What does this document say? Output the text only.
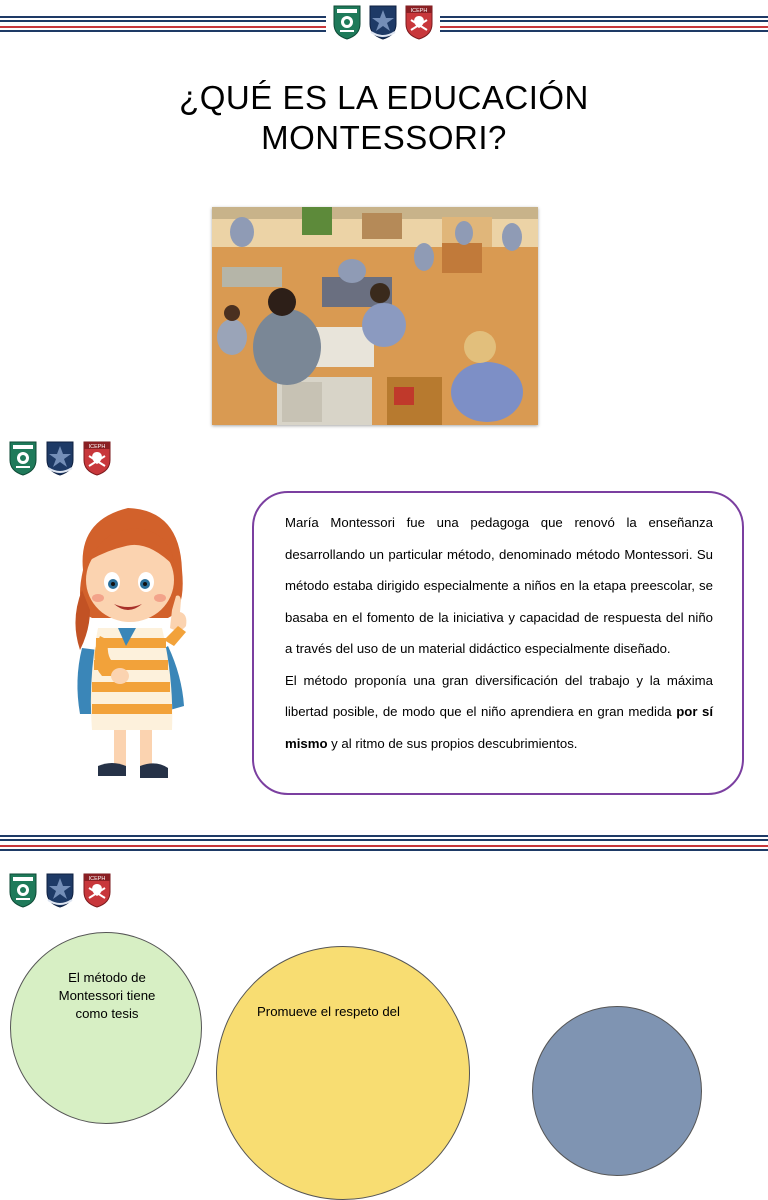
ICEPH
¿QUÉ ES LA EDUCACIÓN
MONTESSORI?
ICEPH

María Montessori fue una pedagoga que renovó la enseñanza desarrollando un particular método, denominado método Montessori. Su método estaba dirigido especialmente a niños en la etapa preescolar, se basaba en el fomento de la iniciativa y capacidad de respuesta del niño a través del uso de un material didáctico especialmente diseñado.

El método proponía una gran diversificación del trabajo y la máxima libertad posible, de modo que el niño aprendiera en gran medida por sí mismo y al ritmo de sus propios descubrimientos.

ICEPH
El método de Montessori tiene como tesis	Promueve el respeto del
